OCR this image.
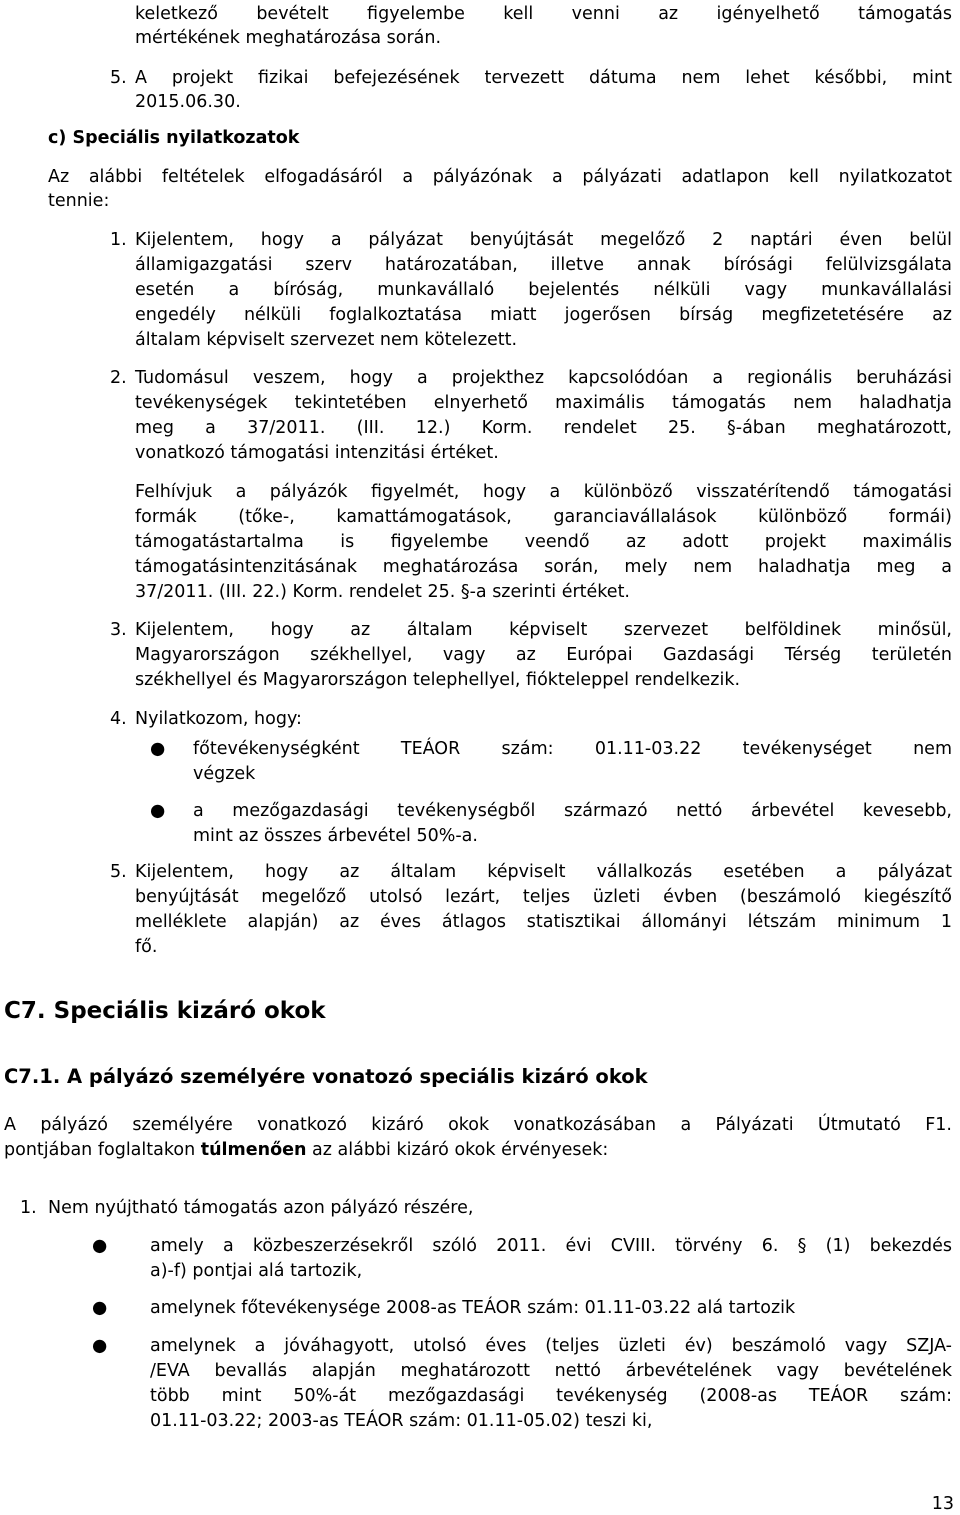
keletkező bevételt figyelembe kell venni az igényelhető támogatás

mértékének meghatározása során.

5. A projekt fizikai befejezésének tervezett dátuma nem lehet későbbi, mint

2015.06.30.

c) Speciális nyilatkozatok

Az alábbi feltételek elfogadásáról a pályázónak a pályázati adatlapon kell nyilatkozatot

tennie:

1. Kijelentem, hogy a pályázat benyújtását megelőző 2 naptári éven belül

államigazgatási szerv határozatában, illetve annak bírósági felülvizsgálata

esetén a bíróság, munkavállaló bejelentés nélküli vagy munkavállalási

engedély nélküli foglalkoztatása miatt jogerősen bírság megfizetetésére az

általam képviselt szervezet nem kötelezett.

2. Tudomásul veszem, hogy a projekthez kapcsolódóan a regionális beruházási

tevékenységek tekintetében elnyerhető maximális támogatás nem haladhatja

meg a 37/2011. (III. 12.) Korm. rendelet 25. §-ában meghatározott,

vonatkozó támogatási intenzitási értéket.

Felhívjuk a pályázók figyelmét, hogy a különböző visszatérítendő támogatási

formák (tőke-, kamattámogatások, garanciavállalások különböző formái)

támogatástartalma is figyelembe veendő az adott projekt maximális

támogatásintenzitásának meghatározása során, mely nem haladhatja meg a

37/2011. (III. 22.) Korm. rendelet 25. §-a szerinti értéket.

3. Kijelentem, hogy az általam képviselt szervezet belföldinek minősül,

Magyarországon székhellyel, vagy az Európai Gazdasági Térség területén

székhellyel és Magyarországon telephellyel, fiókteleppel rendelkezik.

4. Nyilatkozom, hogy:

● főtevékenységként TEÁOR szám: 01.11-03.22 tevékenységet nem

végzek

● a mezőgazdasági tevékenységből származó nettó árbevétel kevesebb,

mint az összes árbevétel 50%-a.

5. Kijelentem, hogy az általam képviselt vállalkozás esetében a pályázat

benyújtását megelőző utolsó lezárt, teljes üzleti évben (beszámoló kiegészítő

melléklete alapján) az éves átlagos statisztikai állományi létszám minimum 1

fő.

C7. Speciális kizáró okok

C7.1. A pályázó személyére vonatozó speciális kizáró okok

A pályázó személyére vonatkozó kizáró okok vonatkozásában a Pályázati Útmutató F1.

pontjában foglaltakon túlmenően az alábbi kizáró okok érvényesek:

1. Nem nyújtható támogatás azon pályázó részére,

● amely a közbeszerzésekről szóló 2011. évi CVIII. törvény 6. § (1) bekezdés

a)-f) pontjai alá tartozik,

● amelynek főtevékenysége 2008-as TEÁOR szám: 01.11-03.22 alá tartozik

● amelynek a jóváhagyott, utolsó éves (teljes üzleti év) beszámoló vagy SZJA-

/EVA bevallás alapján meghatározott nettó árbevételének vagy bevételének

több mint 50%-át mezőgazdasági tevékenység (2008-as TEÁOR szám:

01.11-03.22; 2003-as TEÁOR szám: 01.11-05.02) teszi ki,

13
